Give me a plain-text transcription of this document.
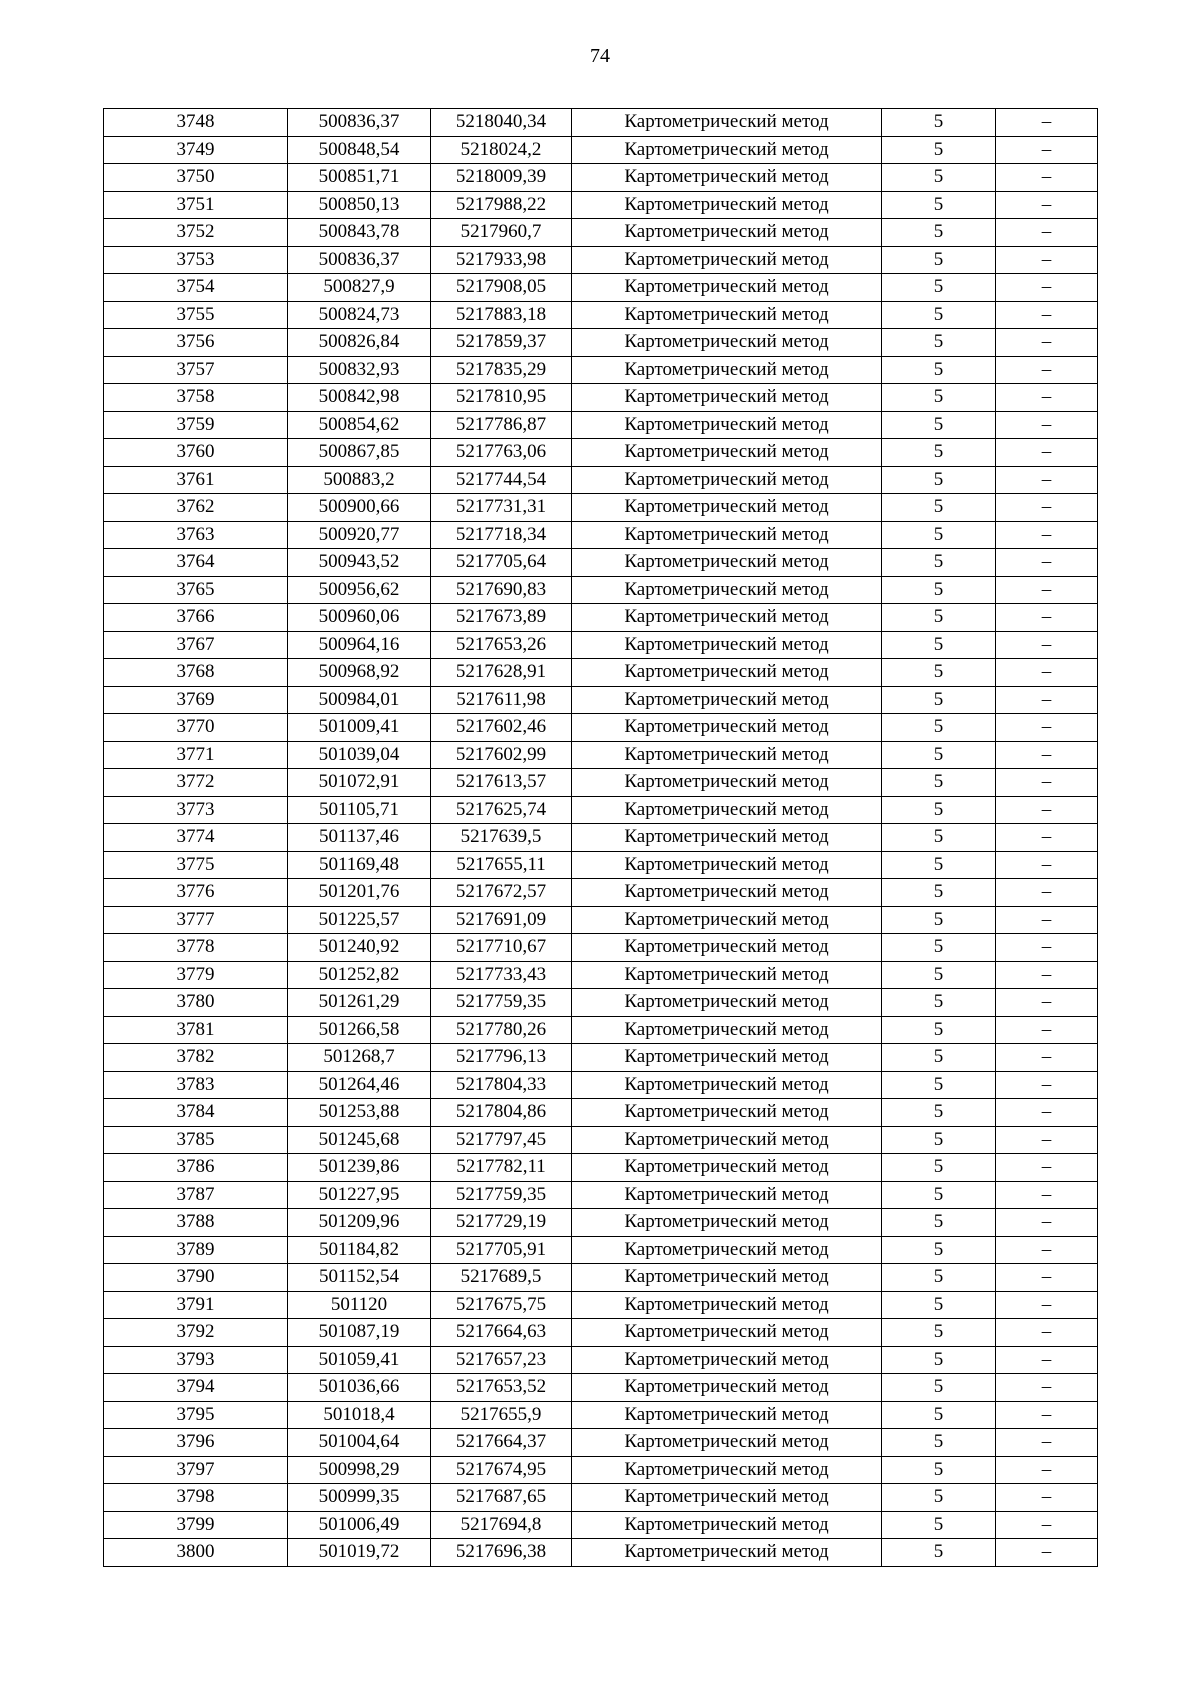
74
3748	500836,37	5218040,34	Картометрический метод	5	–
3749	500848,54	5218024,2	Картометрический метод	5	–
3750	500851,71	5218009,39	Картометрический метод	5	–
3751	500850,13	5217988,22	Картометрический метод	5	–
3752	500843,78	5217960,7	Картометрический метод	5	–
3753	500836,37	5217933,98	Картометрический метод	5	–
3754	500827,9	5217908,05	Картометрический метод	5	–
3755	500824,73	5217883,18	Картометрический метод	5	–
3756	500826,84	5217859,37	Картометрический метод	5	–
3757	500832,93	5217835,29	Картометрический метод	5	–
3758	500842,98	5217810,95	Картометрический метод	5	–
3759	500854,62	5217786,87	Картометрический метод	5	–
3760	500867,85	5217763,06	Картометрический метод	5	–
3761	500883,2	5217744,54	Картометрический метод	5	–
3762	500900,66	5217731,31	Картометрический метод	5	–
3763	500920,77	5217718,34	Картометрический метод	5	–
3764	500943,52	5217705,64	Картометрический метод	5	–
3765	500956,62	5217690,83	Картометрический метод	5	–
3766	500960,06	5217673,89	Картометрический метод	5	–
3767	500964,16	5217653,26	Картометрический метод	5	–
3768	500968,92	5217628,91	Картометрический метод	5	–
3769	500984,01	5217611,98	Картометрический метод	5	–
3770	501009,41	5217602,46	Картометрический метод	5	–
3771	501039,04	5217602,99	Картометрический метод	5	–
3772	501072,91	5217613,57	Картометрический метод	5	–
3773	501105,71	5217625,74	Картометрический метод	5	–
3774	501137,46	5217639,5	Картометрический метод	5	–
3775	501169,48	5217655,11	Картометрический метод	5	–
3776	501201,76	5217672,57	Картометрический метод	5	–
3777	501225,57	5217691,09	Картометрический метод	5	–
3778	501240,92	5217710,67	Картометрический метод	5	–
3779	501252,82	5217733,43	Картометрический метод	5	–
3780	501261,29	5217759,35	Картометрический метод	5	–
3781	501266,58	5217780,26	Картометрический метод	5	–
3782	501268,7	5217796,13	Картометрический метод	5	–
3783	501264,46	5217804,33	Картометрический метод	5	–
3784	501253,88	5217804,86	Картометрический метод	5	–
3785	501245,68	5217797,45	Картометрический метод	5	–
3786	501239,86	5217782,11	Картометрический метод	5	–
3787	501227,95	5217759,35	Картометрический метод	5	–
3788	501209,96	5217729,19	Картометрический метод	5	–
3789	501184,82	5217705,91	Картометрический метод	5	–
3790	501152,54	5217689,5	Картометрический метод	5	–
3791	501120	5217675,75	Картометрический метод	5	–
3792	501087,19	5217664,63	Картометрический метод	5	–
3793	501059,41	5217657,23	Картометрический метод	5	–
3794	501036,66	5217653,52	Картометрический метод	5	–
3795	501018,4	5217655,9	Картометрический метод	5	–
3796	501004,64	5217664,37	Картометрический метод	5	–
3797	500998,29	5217674,95	Картометрический метод	5	–
3798	500999,35	5217687,65	Картометрический метод	5	–
3799	501006,49	5217694,8	Картометрический метод	5	–
3800	501019,72	5217696,38	Картометрический метод	5	–
